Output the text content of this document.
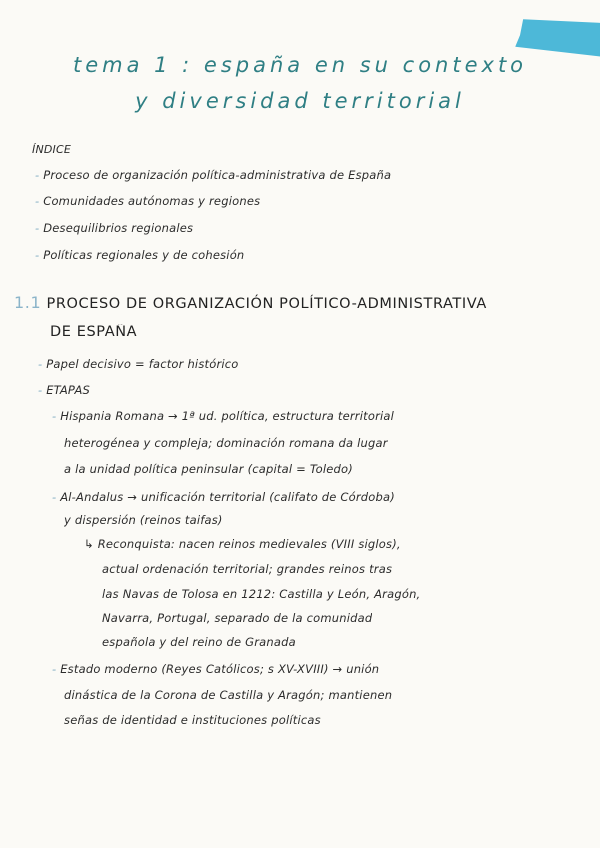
tema 1 : españa en su contexto
y diversidad territorial
ÍNDICE
- Proceso de organización política-administrativa de España
- Comunidades autónomas y regiones
- Desequilibrios regionales
- Políticas regionales y de cohesión
1.1 PROCESO DE ORGANIZACIÓN POLÍTICO-ADMINISTRATIVA
DE ESPAÑA
- Papel decisivo = factor histórico
- ETAPAS
- Hispania Romana → 1ª ud. política, estructura territorial
heterogénea y compleja; dominación romana da lugar
a la unidad política peninsular (capital = Toledo)
- Al-Andalus → unificación territorial (califato de Córdoba)
y dispersión (reinos taifas)
↳ Reconquista: nacen reinos medievales (VIII siglos),
actual ordenación territorial; grandes reinos tras
las Navas de Tolosa en 1212: Castilla y León, Aragón,
Navarra, Portugal, separado de la comunidad
española y del reino de Granada
- Estado moderno (Reyes Católicos; s XV-XVIII) → unión
dinástica de la Corona de Castilla y Aragón; mantienen
señas de identidad e instituciones políticas
